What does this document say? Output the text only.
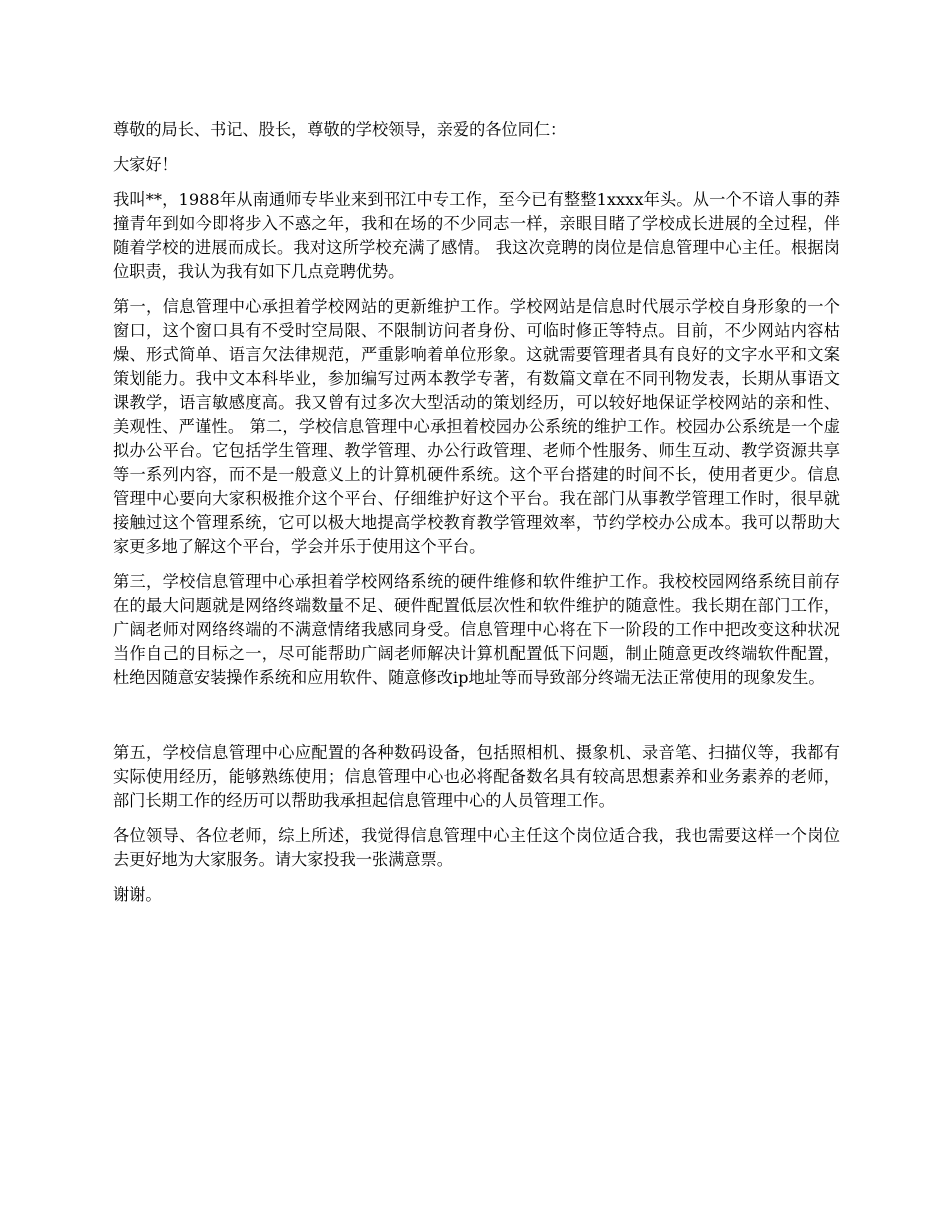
尊敬的局长、书记、股长，尊敬的学校领导，亲爱的各位同仁：

大家好！

我叫**，1988年从南通师专毕业来到邗江中专工作，至今已有整整1xxxx年头。从一个不谙人事的莽撞青年到如今即将步入不惑之年，我和在场的不少同志一样，亲眼目睹了学校成长进展的全过程，伴随着学校的进展而成长。我对这所学校充满了感情。 我这次竞聘的岗位是信息管理中心主任。根据岗位职责，我认为我有如下几点竞聘优势。

第一，信息管理中心承担着学校网站的更新维护工作。学校网站是信息时代展示学校自身形象的一个窗口，这个窗口具有不受时空局限、不限制访问者身份、可临时修正等特点。目前，不少网站内容枯燥、形式简单、语言欠法律规范，严重影响着单位形象。这就需要管理者具有良好的文字水平和文案策划能力。我中文本科毕业，参加编写过两本教学专著，有数篇文章在不同刊物发表，长期从事语文课教学，语言敏感度高。我又曾有过多次大型活动的策划经历，可以较好地保证学校网站的亲和性、美观性、严谨性。 第二，学校信息管理中心承担着校园办公系统的维护工作。校园办公系统是一个虚拟办公平台。它包括学生管理、教学管理、办公行政管理、老师个性服务、师生互动、教学资源共享等一系列内容，而不是一般意义上的计算机硬件系统。这个平台搭建的时间不长，使用者更少。信息管理中心要向大家积极推介这个平台、仔细维护好这个平台。我在部门从事教学管理工作时，很早就接触过这个管理系统，它可以极大地提高学校教育教学管理效率，节约学校办公成本。我可以帮助大家更多地了解这个平台，学会并乐于使用这个平台。

第三，学校信息管理中心承担着学校网络系统的硬件维修和软件维护工作。我校校园网络系统目前存在的最大问题就是网络终端数量不足、硬件配置低层次性和软件维护的随意性。我长期在部门工作，广阔老师对网络终端的不满意情绪我感同身受。信息管理中心将在下一阶段的工作中把改变这种状况当作自己的目标之一，尽可能帮助广阔老师解决计算机配置低下问题，制止随意更改终端软件配置，杜绝因随意安装操作系统和应用软件、随意修改ip地址等而导致部分终端无法正常使用的现象发生。

第五，学校信息管理中心应配置的各种数码设备，包括照相机、摄象机、录音笔、扫描仪等，我都有实际使用经历，能够熟练使用；信息管理中心也必将配备数名具有较高思想素养和业务素养的老师，部门长期工作的经历可以帮助我承担起信息管理中心的人员管理工作。

各位领导、各位老师，综上所述，我觉得信息管理中心主任这个岗位适合我，我也需要这样一个岗位去更好地为大家服务。请大家投我一张满意票。

谢谢。
